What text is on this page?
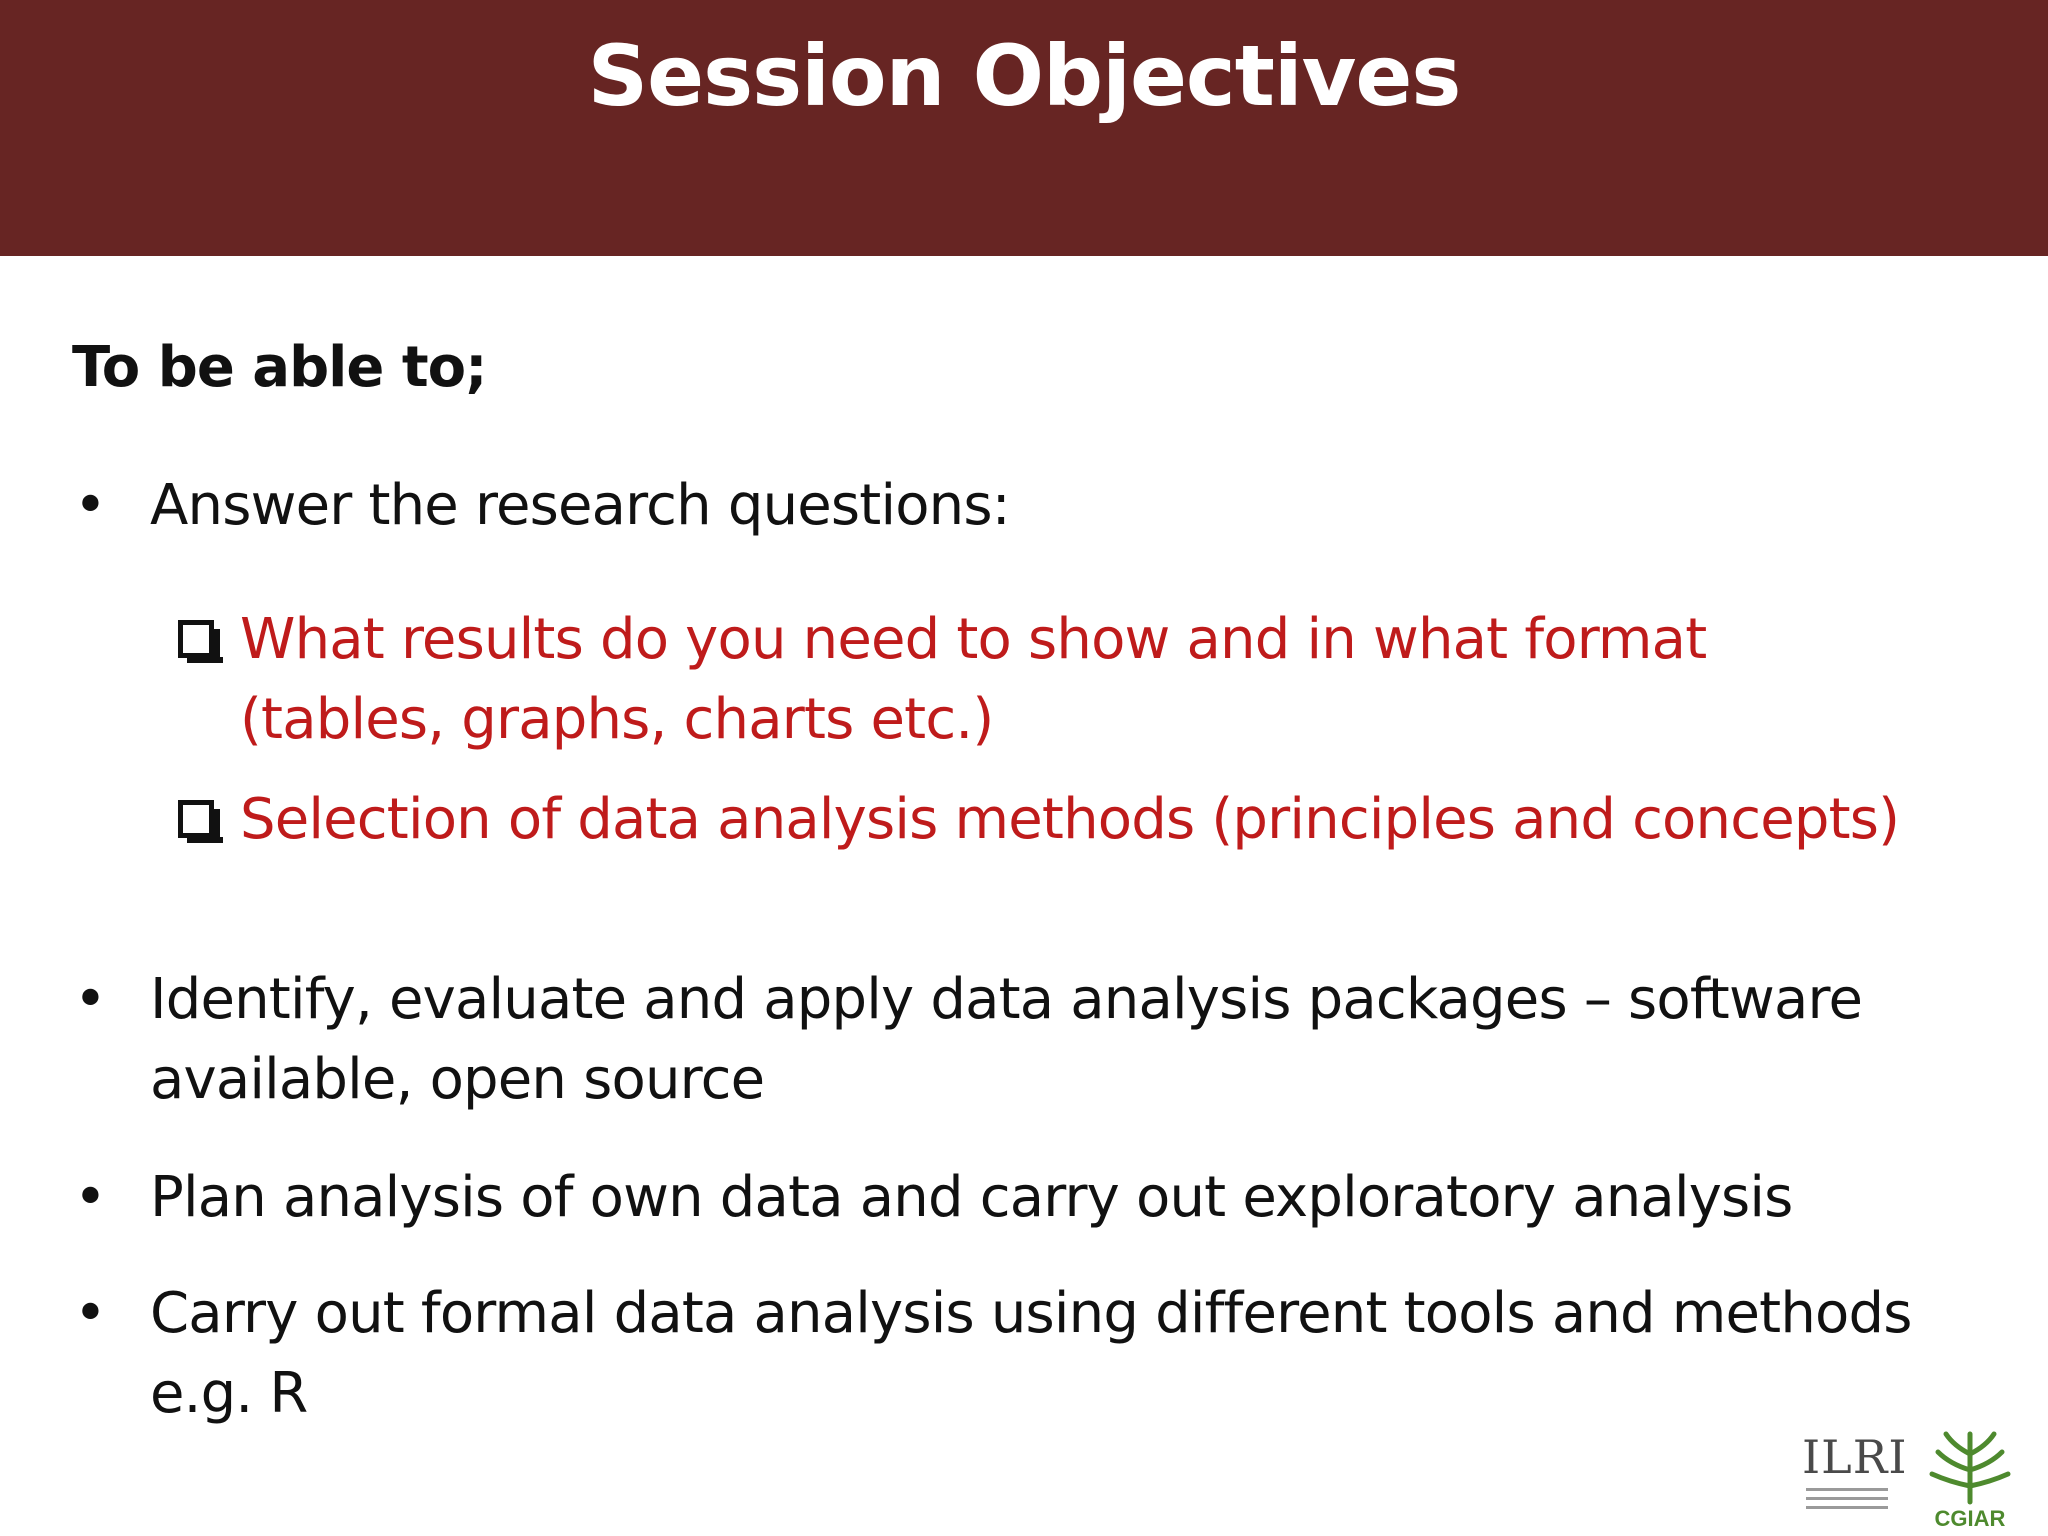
Session Objectives
To be able to;
• Answer the research questions:
What results do you need to show and in what format
(tables, graphs, charts etc.)
Selection of data analysis methods (principles and concepts)
• Identify, evaluate and apply data analysis packages – software
available, open source
• Plan analysis of own data and carry out exploratory analysis
• Carry out formal data analysis using different tools and methods
e.g. R
ILRI
CGIAR
